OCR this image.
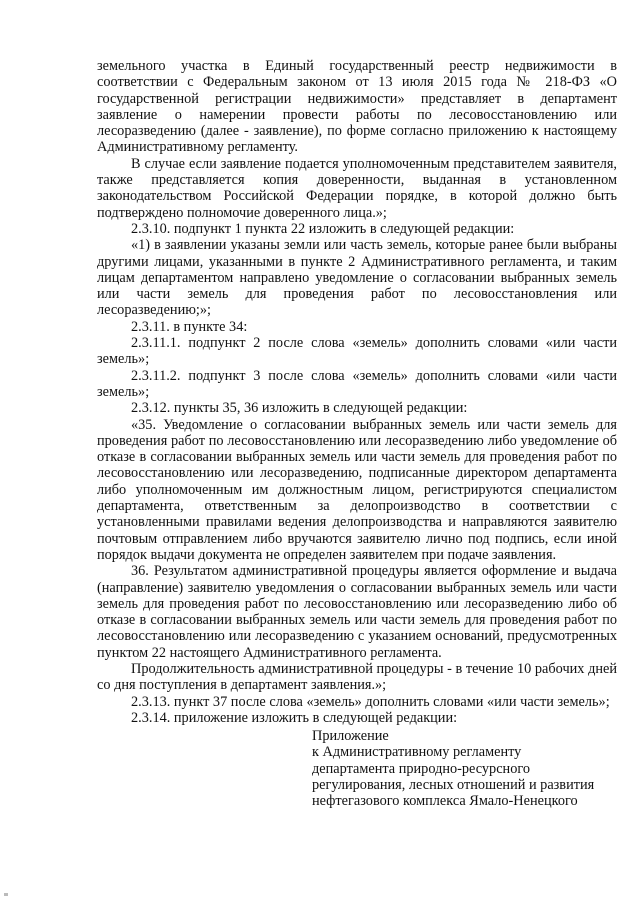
земельного участка в Единый государственный реестр недвижимости в соответствии с Федеральным законом от 13 июля 2015 года № 218-ФЗ «О государственной регистрации недвижимости» представляет в департамент заявление о намерении провести работы по лесовосстановлению или лесоразведению (далее - заявление), по форме согласно приложению к настоящему Административному регламенту.

В случае если заявление подается уполномоченным представителем заявителя, также представляется копия доверенности, выданная в установленном законодательством Российской Федерации порядке, в которой должно быть подтверждено полномочие доверенного лица.»;

2.3.10. подпункт 1 пункта 22 изложить в следующей редакции:

«1) в заявлении указаны земли или часть земель, которые ранее были выбраны другими лицами, указанными в пункте 2 Административного регламента, и таким лицам департаментом направлено уведомление о согласовании выбранных земель или части земель для проведения работ по лесовосстановления или лесоразведению;»;

2.3.11. в пункте 34:

2.3.11.1. подпункт 2 после слова «земель» дополнить словами «или части земель»;

2.3.11.2. подпункт 3 после слова «земель» дополнить словами «или части земель»;

2.3.12. пункты 35, 36 изложить в следующей редакции:

«35. Уведомление о согласовании выбранных земель или части земель для проведения работ по лесовосстановлению или лесоразведению либо уведомление об отказе в согласовании выбранных земель или части земель для проведения работ по лесовосстановлению или лесоразведению, подписанные директором департамента либо уполномоченным им должностным лицом, регистрируются специалистом департамента, ответственным за делопроизводство в соответствии с установленными правилами ведения делопроизводства и направляются заявителю почтовым отправлением либо вручаются заявителю лично под подпись, если иной порядок выдачи документа не определен заявителем при подаче заявления.

36. Результатом административной процедуры является оформление и выдача (направление) заявителю уведомления о согласовании выбранных земель или части земель для проведения работ по лесовосстановлению или лесоразведению либо об отказе в согласовании выбранных земель или части земель для проведения работ по лесовосстановлению или лесоразведению с указанием оснований, предусмотренных пунктом 22 настоящего Административного регламента.

Продолжительность административной процедуры - в течение 10 рабочих дней со дня поступления в департамент заявления.»;

2.3.13. пункт 37 после слова «земель» дополнить словами «или части земель»;

2.3.14. приложение изложить в следующей редакции:

Приложение
к Административному регламенту
департамента природно-ресурсного
регулирования, лесных отношений и развития
нефтегазового комплекса Ямало-Ненецкого
